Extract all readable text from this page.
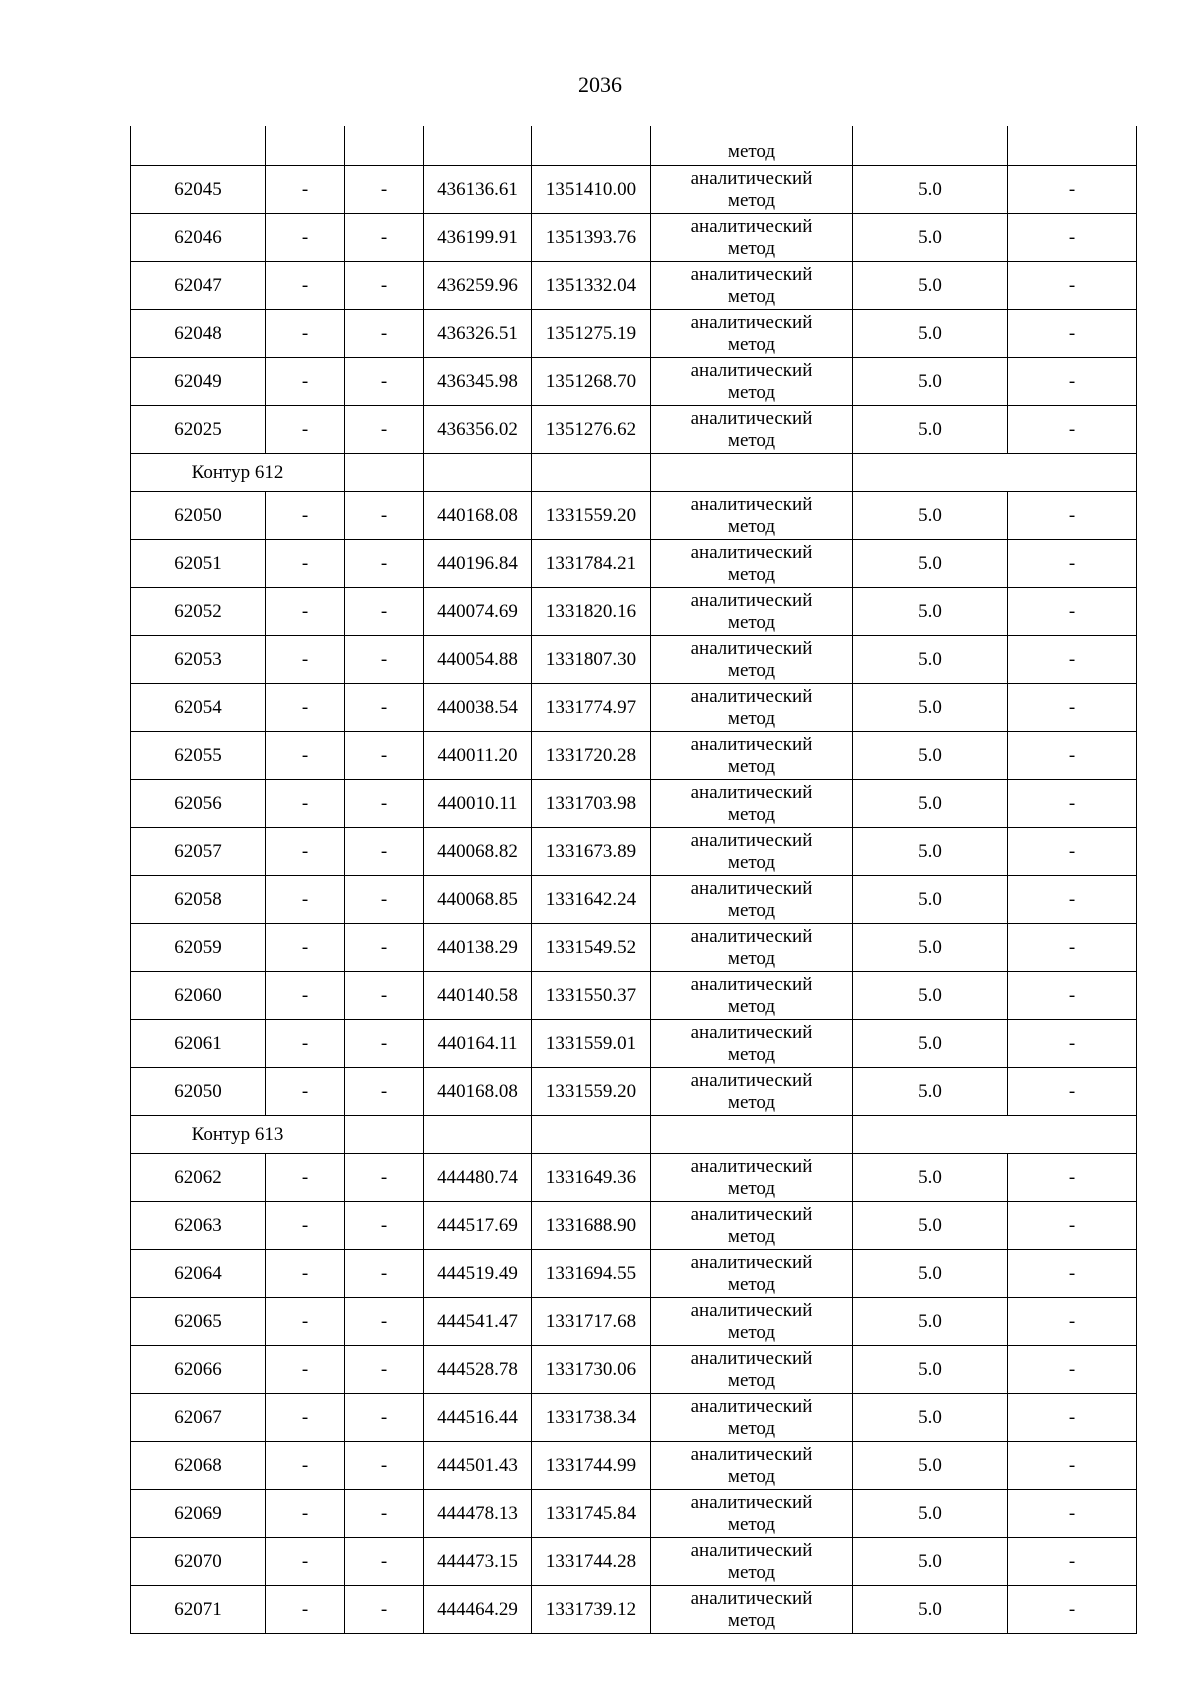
2036
					метод		
62045	-	-	436136.61	1351410.00	аналитический
метод	5.0	-
62046	-	-	436199.91	1351393.76	аналитический
метод	5.0	-
62047	-	-	436259.96	1351332.04	аналитический
метод	5.0	-
62048	-	-	436326.51	1351275.19	аналитический
метод	5.0	-
62049	-	-	436345.98	1351268.70	аналитический
метод	5.0	-
62025	-	-	436356.02	1351276.62	аналитический
метод	5.0	-
Контур 612							
62050	-	-	440168.08	1331559.20	аналитический
метод	5.0	-
62051	-	-	440196.84	1331784.21	аналитический
метод	5.0	-
62052	-	-	440074.69	1331820.16	аналитический
метод	5.0	-
62053	-	-	440054.88	1331807.30	аналитический
метод	5.0	-
62054	-	-	440038.54	1331774.97	аналитический
метод	5.0	-
62055	-	-	440011.20	1331720.28	аналитический
метод	5.0	-
62056	-	-	440010.11	1331703.98	аналитический
метод	5.0	-
62057	-	-	440068.82	1331673.89	аналитический
метод	5.0	-
62058	-	-	440068.85	1331642.24	аналитический
метод	5.0	-
62059	-	-	440138.29	1331549.52	аналитический
метод	5.0	-
62060	-	-	440140.58	1331550.37	аналитический
метод	5.0	-
62061	-	-	440164.11	1331559.01	аналитический
метод	5.0	-
62050	-	-	440168.08	1331559.20	аналитический
метод	5.0	-
Контур 613							
62062	-	-	444480.74	1331649.36	аналитический
метод	5.0	-
62063	-	-	444517.69	1331688.90	аналитический
метод	5.0	-
62064	-	-	444519.49	1331694.55	аналитический
метод	5.0	-
62065	-	-	444541.47	1331717.68	аналитический
метод	5.0	-
62066	-	-	444528.78	1331730.06	аналитический
метод	5.0	-
62067	-	-	444516.44	1331738.34	аналитический
метод	5.0	-
62068	-	-	444501.43	1331744.99	аналитический
метод	5.0	-
62069	-	-	444478.13	1331745.84	аналитический
метод	5.0	-
62070	-	-	444473.15	1331744.28	аналитический
метод	5.0	-
62071	-	-	444464.29	1331739.12	аналитический
метод	5.0	-
